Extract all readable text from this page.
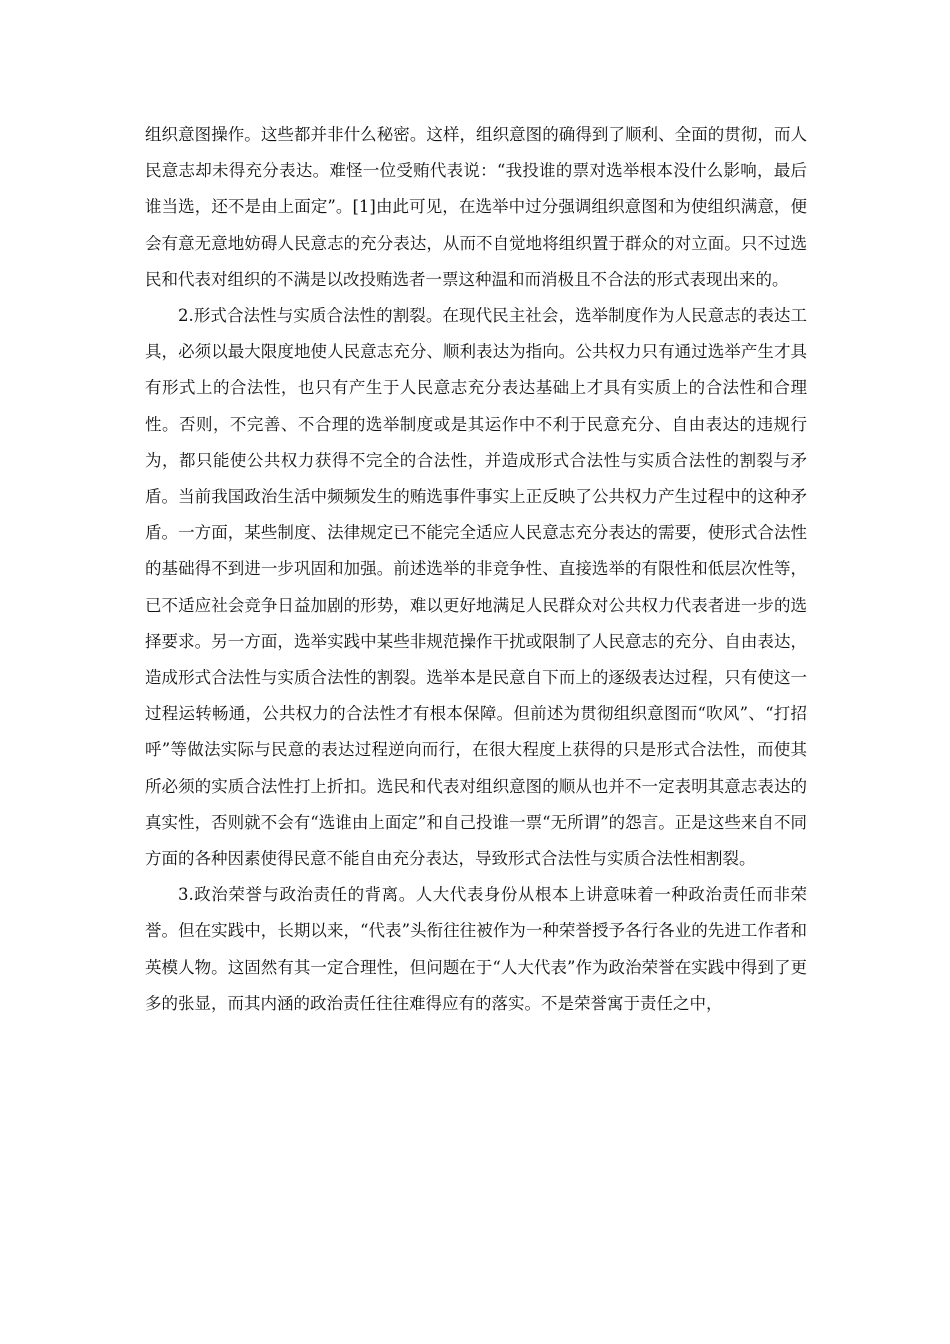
组织意图操作。这些都并非什么秘密。这样，组织意图的确得到了顺利、全面的贯彻，而人民意志却未得充分表达。难怪一位受贿代表说：“我投谁的票对选举根本没什么影响，最后谁当选，还不是由上面定”。[1]由此可见，在选举中过分强调组织意图和为使组织满意，便会有意无意地妨碍人民意志的充分表达，从而不自觉地将组织置于群众的对立面。只不过选民和代表对组织的不满是以改投贿选者一票这种温和而消极且不合法的形式表现出来的。

2.形式合法性与实质合法性的割裂。在现代民主社会，选举制度作为人民意志的表达工具，必须以最大限度地使人民意志充分、顺利表达为指向。公共权力只有通过选举产生才具有形式上的合法性，也只有产生于人民意志充分表达基础上才具有实质上的合法性和合理性。否则，不完善、不合理的选举制度或是其运作中不利于民意充分、自由表达的违规行为，都只能使公共权力获得不完全的合法性，并造成形式合法性与实质合法性的割裂与矛盾。当前我国政治生活中频频发生的贿选事件事实上正反映了公共权力产生过程中的这种矛盾。一方面，某些制度、法律规定已不能完全适应人民意志充分表达的需要，使形式合法性的基础得不到进一步巩固和加强。前述选举的非竞争性、直接选举的有限性和低层次性等，已不适应社会竞争日益加剧的形势，难以更好地满足人民群众对公共权力代表者进一步的选择要求。另一方面，选举实践中某些非规范操作干扰或限制了人民意志的充分、自由表达，造成形式合法性与实质合法性的割裂。选举本是民意自下而上的逐级表达过程，只有使这一过程运转畅通，公共权力的合法性才有根本保障。但前述为贯彻组织意图而“吹风”、“打招呼”等做法实际与民意的表达过程逆向而行，在很大程度上获得的只是形式合法性，而使其所必须的实质合法性打上折扣。选民和代表对组织意图的顺从也并不一定表明其意志表达的真实性，否则就不会有“选谁由上面定”和自己投谁一票“无所谓”的怨言。正是这些来自不同方面的各种因素使得民意不能自由充分表达，导致形式合法性与实质合法性相割裂。

3.政治荣誉与政治责任的背离。人大代表身份从根本上讲意味着一种政治责任而非荣誉。但在实践中，长期以来，“代表”头衔往往被作为一种荣誉授予各行各业的先进工作者和英模人物。这固然有其一定合理性，但问题在于“人大代表”作为政治荣誉在实践中得到了更多的张显，而其内涵的政治责任往往难得应有的落实。不是荣誉寓于责任之中，
